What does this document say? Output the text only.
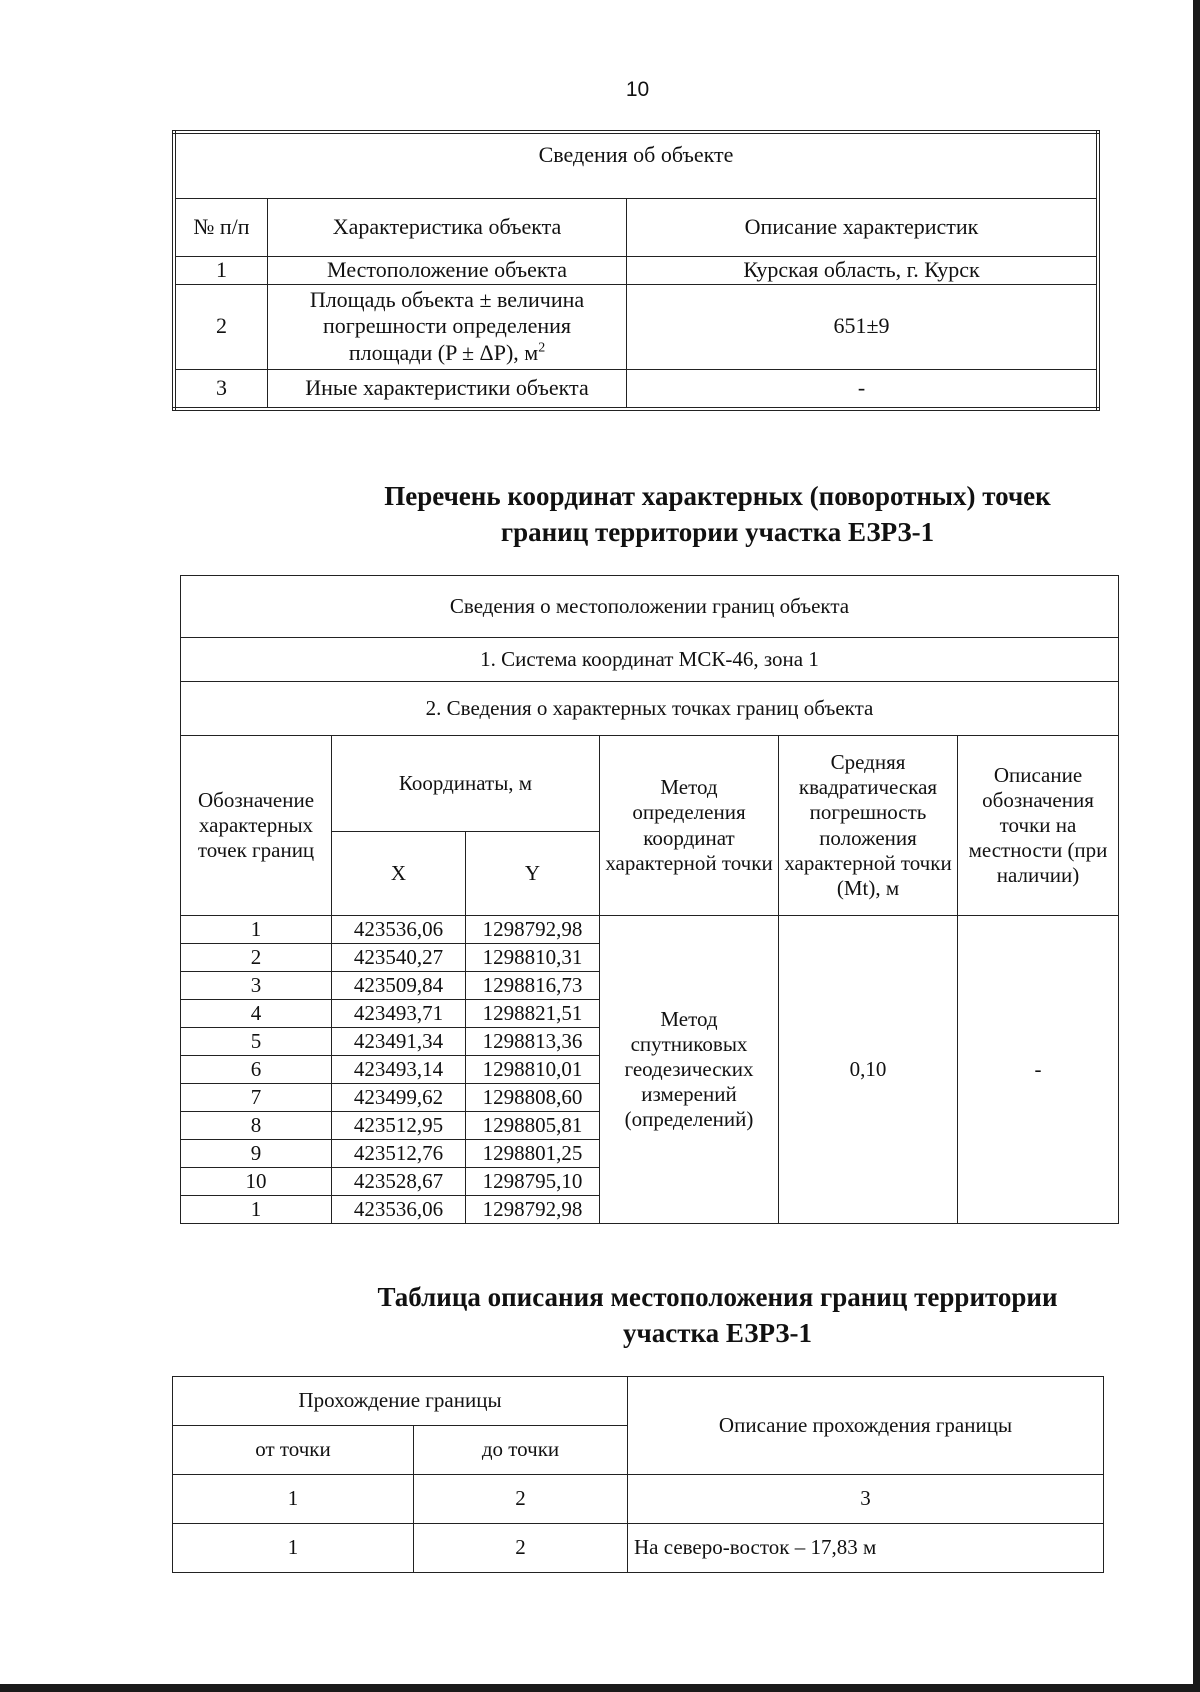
10
Сведения об объекте		
№ п/п	Характеристика объекта	Описание характеристик
1	Местоположение объекта	Курская область, г. Курск
2	Площадь объекта ± величина
погрешности определения
площади (P ± ΔP), $м^2$	651±9
3	Иные характеристики объекта	-
Перечень координат характерных (поворотных) точек
границ территории участка ЕЗРЗ-1
Сведения о местоположении границ объекта					
1. Система координат МСК-46, зона 1					
2. Сведения о характерных точках границ объекта					
Обозначение характерных точек границ	Координаты, м		Метод определения координат характерной точки	Средняя квадратическая погрешность положения характерной точки (Mt), м	Описание обозначения точки на местности (при наличии)
	X	Y			
1	423536,06	1298792,98	Метод спутниковых геодезических измерений (определений)	0,10	-
2	423540,27	1298810,31			
3	423509,84	1298816,73			
4	423493,71	1298821,51			
5	423491,34	1298813,36			
6	423493,14	1298810,01			
7	423499,62	1298808,60			
8	423512,95	1298805,81			
9	423512,76	1298801,25			
10	423528,67	1298795,10			
1	423536,06	1298792,98			
Таблица описания местоположения границ территории
участка ЕЗРЗ-1
Прохождение границы		Описание прохождения границы
от точки	до точки	
1	2	3
1	2	На северо-восток – 17,83 м
